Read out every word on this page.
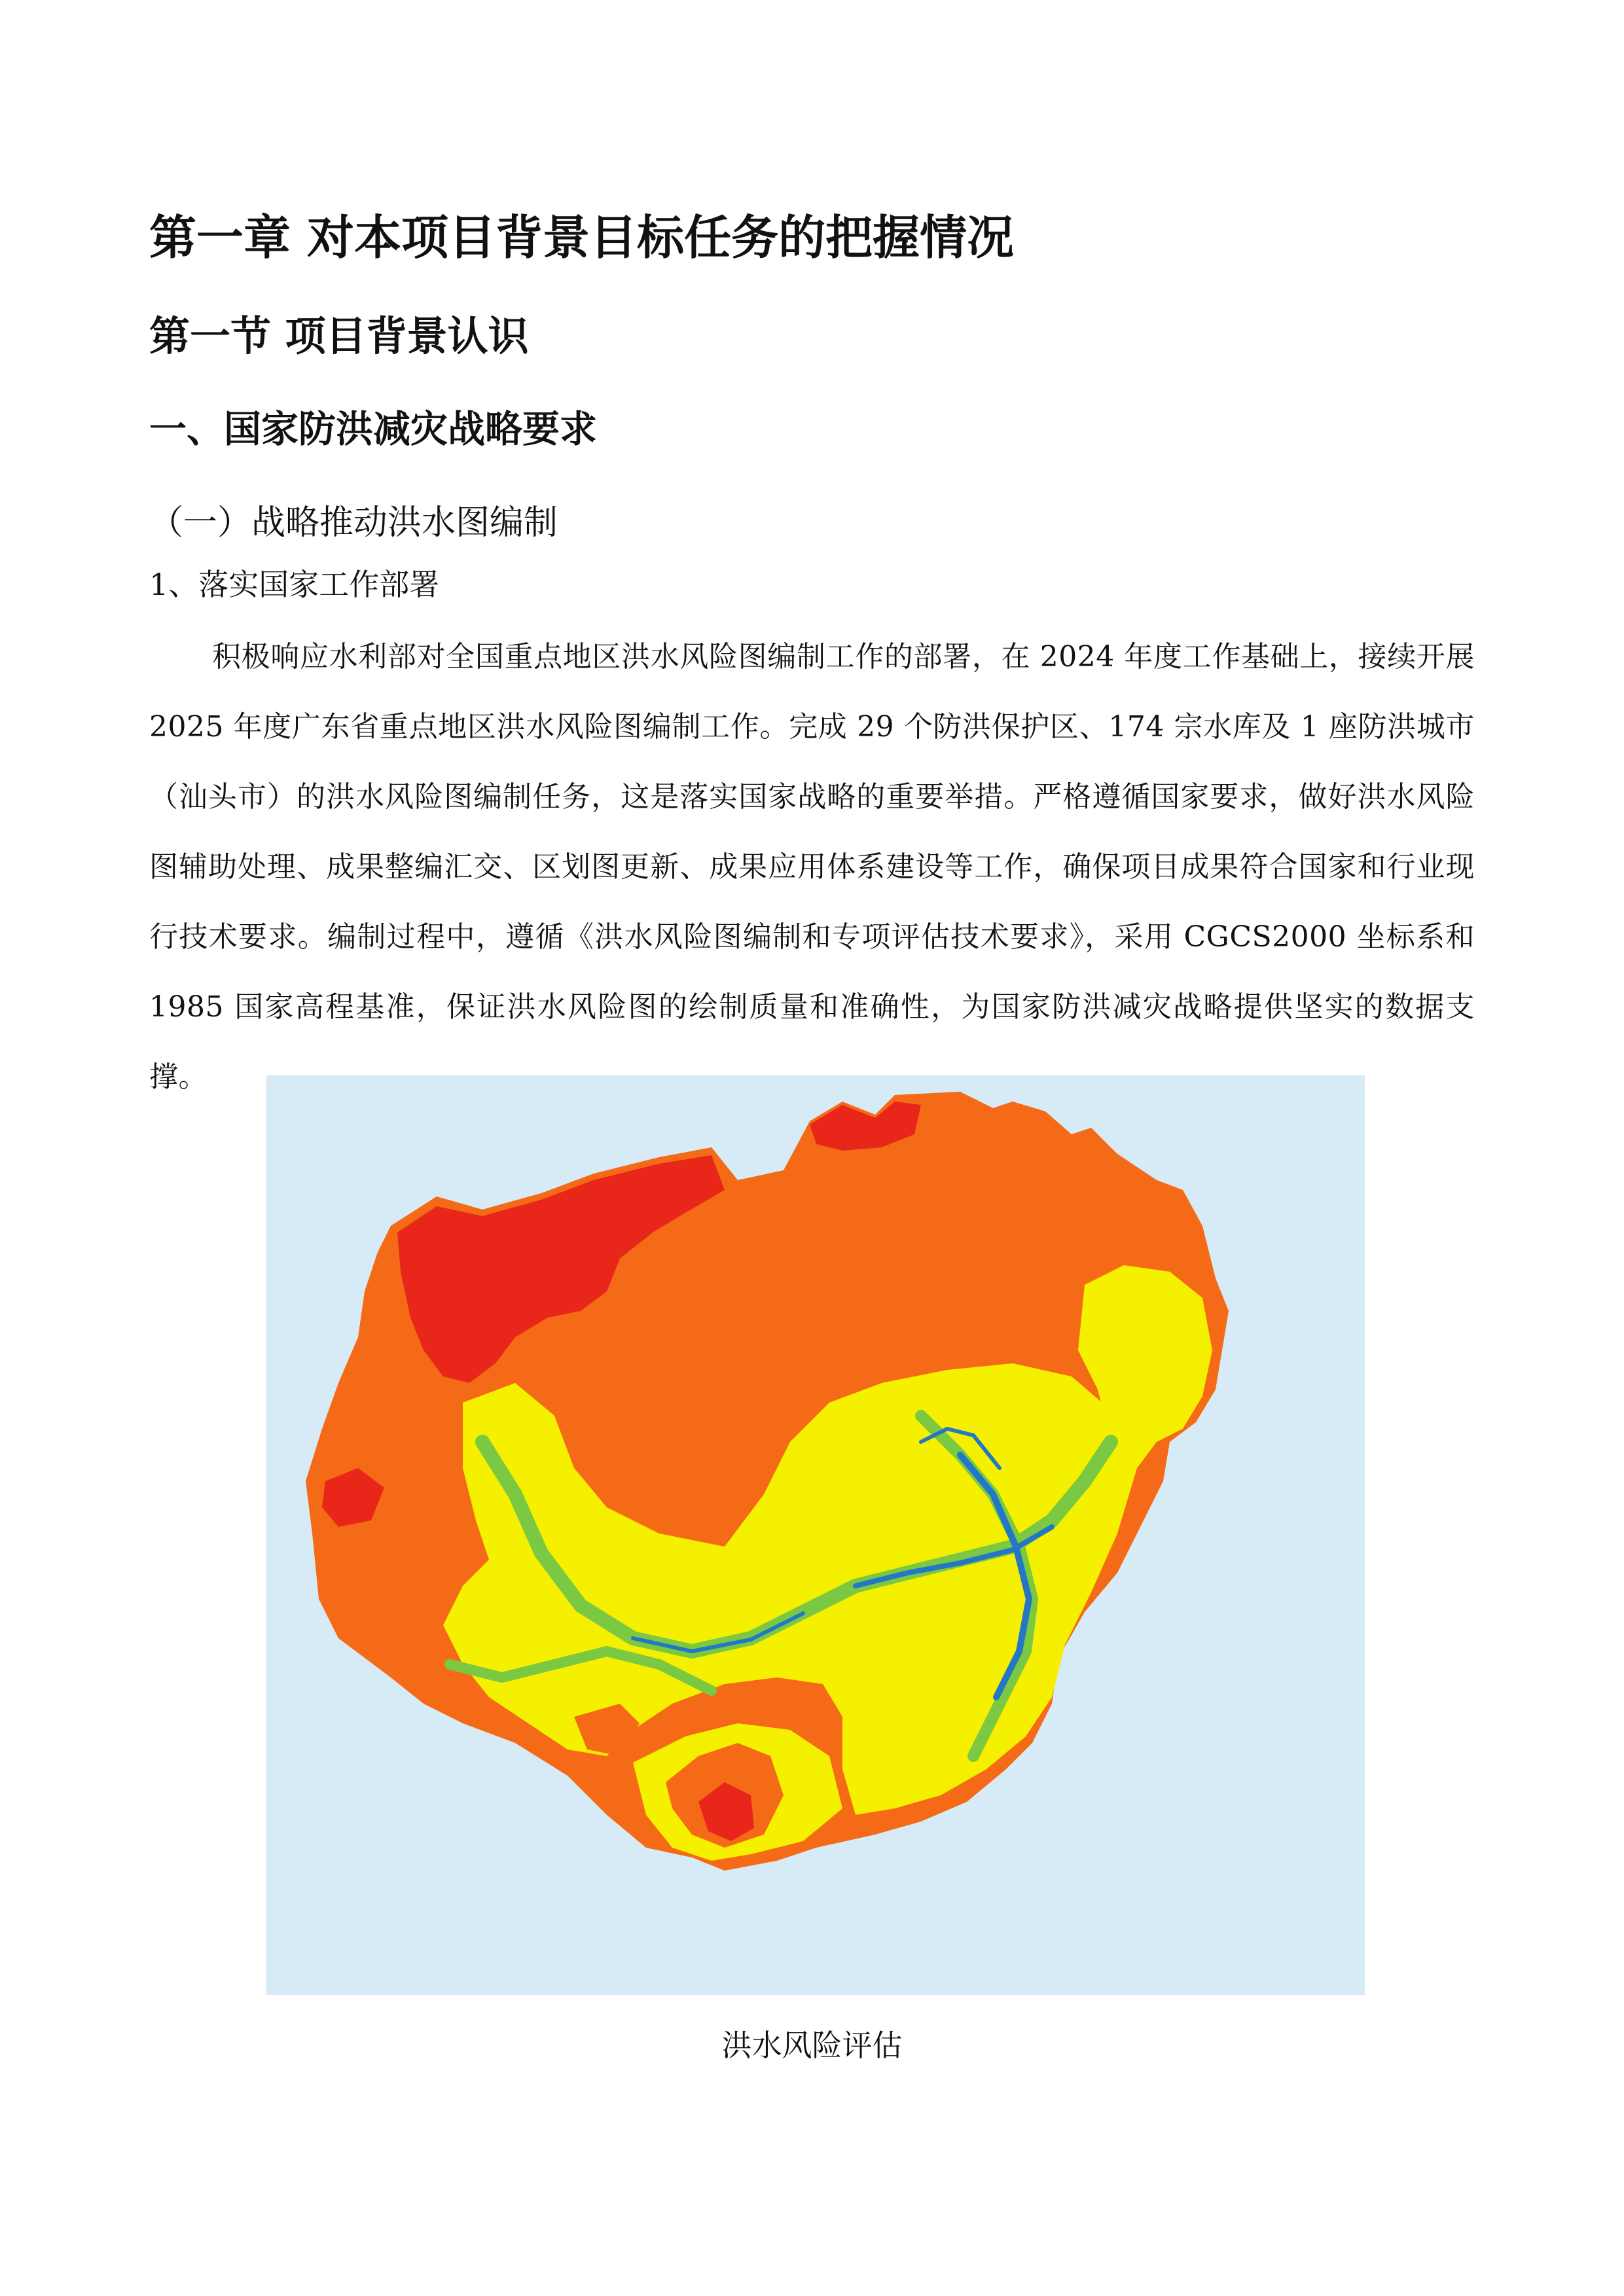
第一章 对本项目背景目标任务的把握情况
第一节 项目背景认识
一、国家防洪减灾战略要求
（一）战略推动洪水图编制
1、落实国家工作部署
积极响应水利部对全国重点地区洪水风险图编制工作的部署，在 2024 年度工作基础上，接续开展 2025 年度广东省重点地区洪水风险图编制工作。完成 29 个防洪保护区、174 宗水库及 1 座防洪城市（汕头市）的洪水风险图编制任务，这是落实国家战略的重要举措。严格遵循国家要求，做好洪水风险图辅助处理、成果整编汇交、区划图更新、成果应用体系建设等工作，确保项目成果符合国家和行业现行技术要求。编制过程中，遵循《洪水风险图编制和专项评估技术要求》，采用 CGCS2000 坐标系和 1985 国家高程基准，保证洪水风险图的绘制质量和准确性，为国家防洪减灾战略提供坚实的数据支撑。
洪水风险评估
